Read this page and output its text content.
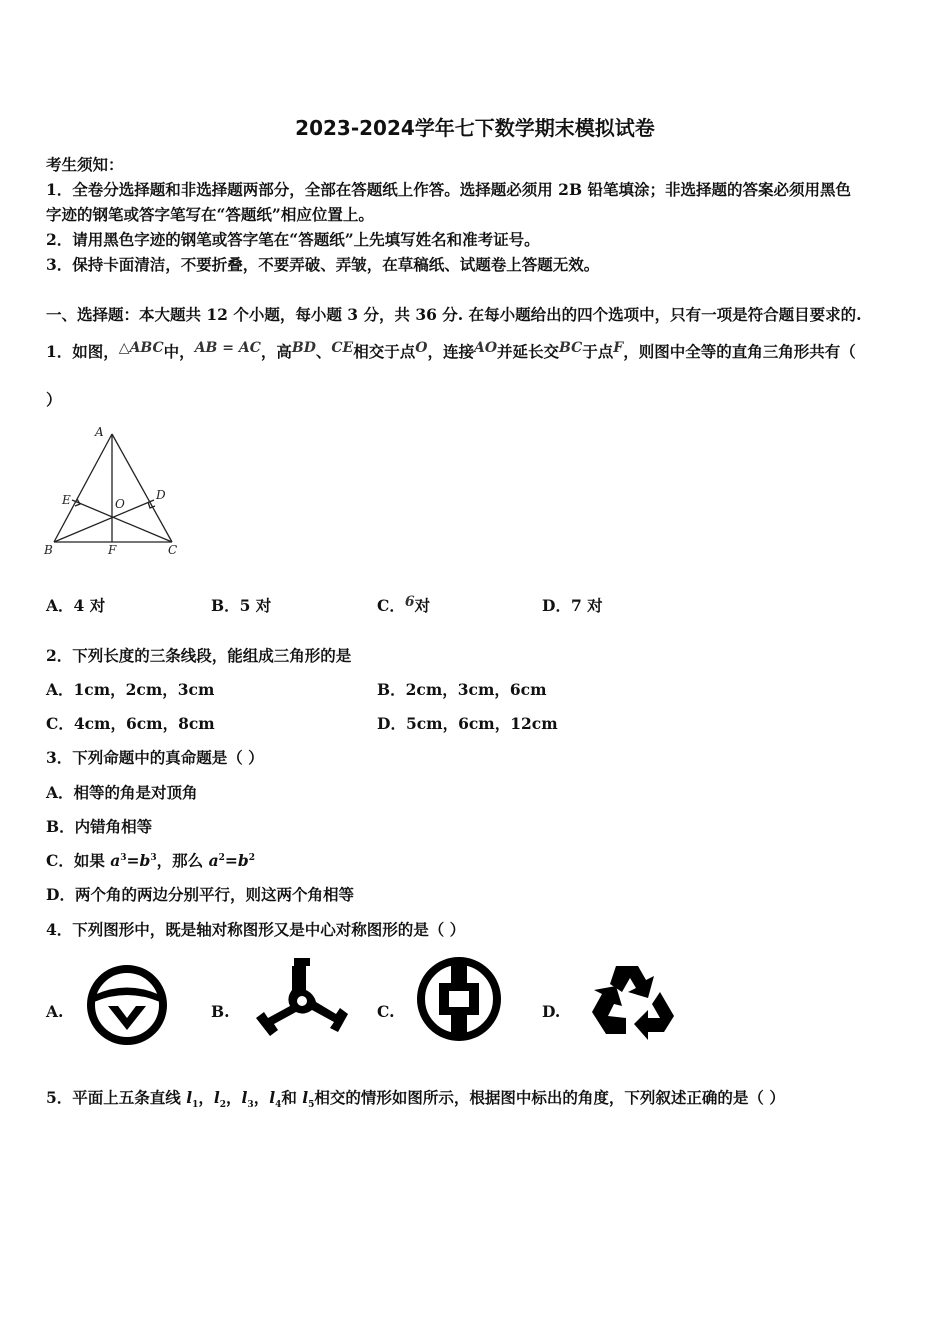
2023-2024学年七下数学期末模拟试卷
考生须知：
1．全卷分选择题和非选择题两部分，全部在答题纸上作答。选择题必须用 2B 铅笔填涂；非选择题的答案必须用黑色
字迹的钢笔或答字笔写在“答题纸”相应位置上。
2．请用黑色字迹的钢笔或答字笔在“答题纸”上先填写姓名和准考证号。
3．保持卡面清洁，不要折叠，不要弄破、弄皱，在草稿纸、试题卷上答题无效。
一、选择题：本大题共 12 个小题，每小题 3 分，共 36 分. 在每小题给出的四个选项中，只有一项是符合题目要求的.
1．如图，△ABC中，AB = AC，高BD、CE相交于点O，连接AO并延长交BC于点F，则图中全等的直角三角形共有（
）
A
B	C
D
E
F
O
A．4 对	B．5 对	C．6对	D．7 对
2．下列长度的三条线段，能组成三角形的是
A．1cm，2cm，3cm	B．2cm，3cm，6cm
C．4cm，6cm，8cm	D．5cm，6cm，12cm
3．下列命题中的真命题是（ ）
A．相等的角是对顶角
B．内错角相等
C．如果 $a^3=b^3$，那么 $a^2=b^2$
D．两个角的两边分别平行，则这两个角相等
4．下列图形中，既是轴对称图形又是中心对称图形的是（ ）
A.	B.	C.	D.
5．平面上五条直线 $l_1$，$l_2$，$l_3$，$l_4$和 $l_5$相交的情形如图所示，根据图中标出的角度，下列叙述正确的是（ ）
